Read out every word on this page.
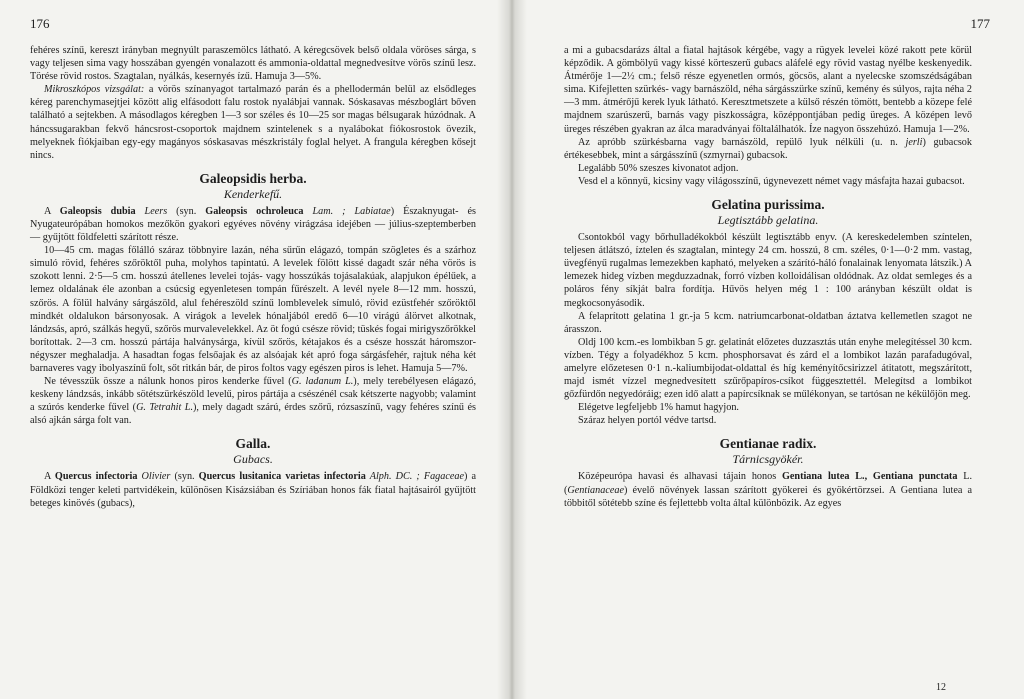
176

fehéres színű, kereszt irányban megnyúlt paraszemölcs látható. A kéregcsövek belső oldala vöröses sárga, s vagy teljesen sima vagy hosszában gyengén vonalazott és ammonia-oldattal megnedvesítve vörös színű lesz. Törése rövid rostos. Szagtalan, nyálkás, kesernyés ízű. Hamuja 3—5%.

Mikroszkópos vizsgálat: a vörös színanyagot tartalmazó parán és a phellodermán belül az elsődleges kéreg parenchymasejtjei között alig elfásodott falu rostok nyalábjai vannak. Sóskasavas mészboglárt bőven található a sejtekben. A másodlagos kéregben 1—3 sor széles és 10—25 sor magas bélsugarak húzódnak. A háncssugarakban fekvő háncsrost-csoportok majdnem szintelenek s a nyalábokat fiókosrostok övezik, melyeknek fiókjaiban egy-egy magányos sóskasavas mészkristály foglal helyet. A frangula kéregben kősejt nincs.

Galeopsidis herba.
Kenderkefű.

A Galeopsis dubia Leers (syn. Galeopsis ochroleuca Lam. ; Labiatae) Északnyugat- és Nyugateurópában homokos mezőkön gyakori egyéves növény virágzása idejében — július-szeptemberben — gyűjtött földfeletti szárított része.

10—45 cm. magas főlálló száraz többnyire lazán, néha sűrűn elágazó, tompán szögletes és a szárhoz simuló rövid, fehéres szőröktől puha, molyhos tapintatú. A levelek fölött kissé dagadt szár néha vörös is szokott lenni. 2·5—5 cm. hosszú átellenes levelei tojás- vagy hosszúkás tojásalakúak, alapjukon épélűek, a lemez oldalának éle azonban a csúcsig egyenletesen tompán fűrészelt. A levél nyele 8—12 mm. hosszú, szőrös. A fölül halvány sárgászöld, alul fehéreszöld színű lomblevelek símuló, rövid ezüstfehér szőröktől mindkét oldalukon bársonyosak. A virágok a levelek hónaljából eredő 6—10 virágú álörvet alkotnak, lándzsás, apró, szálkás hegyű, szőrös murvalevelekkel. Az öt fogú csésze rövid; tüskés fogai mirigyszőrökkel borítottak. 2—3 cm. hosszú pártája halványsárga, kívül szőrös, kétajakos és a csésze hosszát háromszor-négyszer meghaladja. A hasadtan fogas felsőajak és az alsóajak két apró foga sárgásfehér, rajtuk néha két barnaveres vagy ibolyaszínű folt, sőt ritkán bár, de piros foltos vagy egészen piros is lehet. Hamuja 5—7%.

Ne tévesszük össze a nálunk honos piros kenderke fűvel (G. ladanum L.), mely terebélyesen elágazó, keskeny lándzsás, inkább sötétszürkészöld levelű, piros pártája a csészénél csak kétszerte nagyobb; valamint a szúrós kenderke fűvel (G. Tetrahit L.), mely dagadt szárú, érdes szőrű, rózsaszínű, vagy fehéres színű és alsó ajkán sárga folt van.

Galla.
Gubacs.

A Quercus infectoria Olivier (syn. Quercus lusitanica varietas infectoria Alph. DC. ; Fagaceae) a Földközi tenger keleti partvidékein, különösen Kisázsiában és Szíriában honos fák fiatal hajtásairól gyűjtött beteges kinövés (gubacs),

177

a mi a gubacsdarázs által a fiatal hajtások kérgébe, vagy a rügyek levelei közé rakott pete körül képződik. A gömbölyű vagy kissé körteszerű gubacs aláfelé egy rövid vastag nyélbe keskenyedik. Átmérője 1—2½ cm.; felső része egyenetlen ormós, göcsös, alant a nyelecske szomszédságában sima. Kifejletten szürkés- vagy barnászöld, néha sárgásszürke színű, kemény és súlyos, rajta néha 2—3 mm. átmérőjű kerek lyuk látható. Keresztmetszete a külső részén tömött, bentebb a közepe felé majdnem szarúszerű, barnás vagy piszkosságra, középpontjában pedig üreges. A középen levő üreges részében gyakran az álca maradványai föltalálhatók. Íze nagyon összehúzó. Hamuja 1—2%.

Az apróbb szürkésbarna vagy barnászöld, repülő lyuk nélküli (u. n. jerli) gubacsok értékesebbek, mint a sárgásszínű (szmyrnai) gubacsok.

Legalább 50% szeszes kivonatot adjon.

Vesd el a könnyű, kicsiny vagy világosszínű, úgynevezett német vagy másfajta hazai gubacsot.

Gelatina purissima.
Legtisztább gelatina.

Csontokból vagy bőrhulladékokból készült legtisztább enyv. (A kereskedelemben színtelen, teljesen átlátszó, íztelen és szagtalan, mintegy 24 cm. hosszú, 8 cm. széles, 0·1—0·2 mm. vastag, üvegfényű rugalmas lemezekben kapható, melyeken a szárító-háló fonalainak lenyomata látszik.) A lemezek hideg vízben megduzzadnak, forró vízben kolloidálisan oldódnak. Az oldat semleges és a poláros fény síkját balra fordítja. Hűvös helyen még 1 : 100 arányban készült oldat is megkocsonyásodik.

A felaprított gelatina 1 gr.-ja 5 kcm. natriumcarbonat-oldatban áztatva kellemetlen szagot ne árasszon.

Oldj 100 kcm.-es lombikban 5 gr. gelatinát előzetes duzzasztás után enyhe melegítéssel 30 kcm. vízben. Tégy a folyadékhoz 5 kcm. phosphorsavat és zárd el a lombikot lazán parafadugóval, amelyre előzetesen 0·1 n.-kaliumbijodat-oldattal és híg keményítőcsirizzel átitatott, megszárított, majd ismét vízzel megnedvesített szűrőpapíros-csíkot függesztettél. Melegítsd a lombikot gőzfürdőn negyedóráig; ezen idő alatt a papírcsíknak se műlékonyan, se tartósan ne kékülőjön meg.

Elégetve legfeljebb 1% hamut hagyjon.

Száraz helyen portól védve tartsd.

Gentianae radix.
Tárnicsgyökér.

Középeurópa havasi és alhavasi tájain honos Gentiana lutea L., Gentiana punctata L. (Gentianaceae) évelő növények lassan szárított gyökerei és gyökértörzsei. A Gentiana lutea a többitől sötétebb színe és fejlettebb volta által különbözik. Az egyes

12
